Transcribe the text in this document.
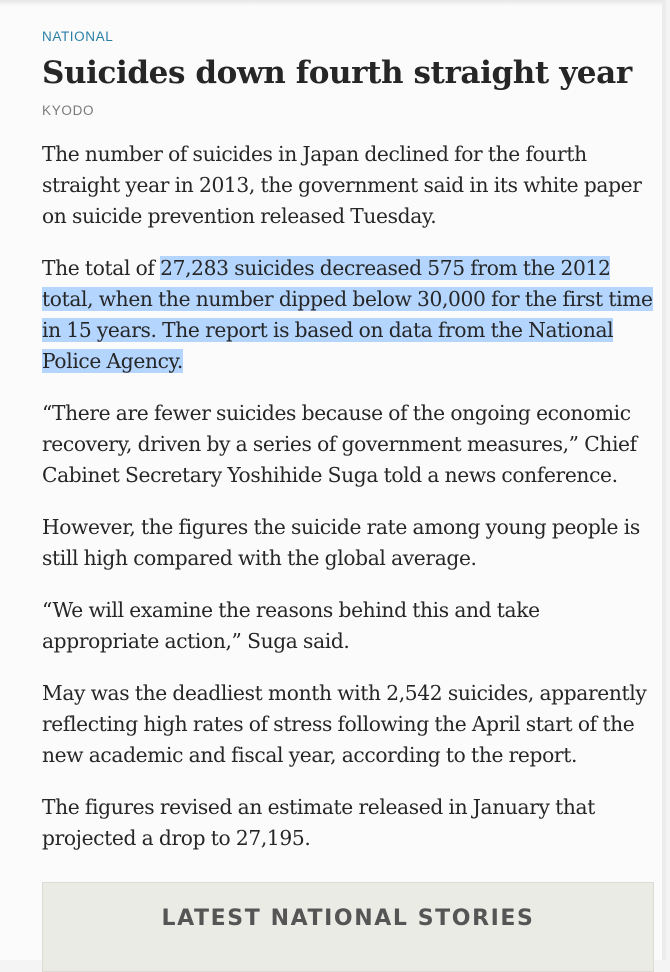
NATIONAL
Suicides down fourth straight year
KYODO

The number of suicides in Japan declined for the fourth straight year in 2013, the government said in its white paper on suicide prevention released Tuesday.

The total of 27,283 suicides decreased 575 from the 2012 total, when the number dipped below 30,000 for the first time in 15 years. The report is based on data from the National Police Agency.

“There are fewer suicides because of the ongoing economic recovery, driven by a series of government measures,” Chief Cabinet Secretary Yoshihide Suga told a news conference.

However, the figures the suicide rate among young people is still high compared with the global average.

“We will examine the reasons behind this and take appropriate action,” Suga said.

May was the deadliest month with 2,542 suicides, apparently reflecting high rates of stress following the April start of the new academic and fiscal year, according to the report.

The figures revised an estimate released in January that projected a drop to 27,195.

LATEST NATIONAL STORIES
